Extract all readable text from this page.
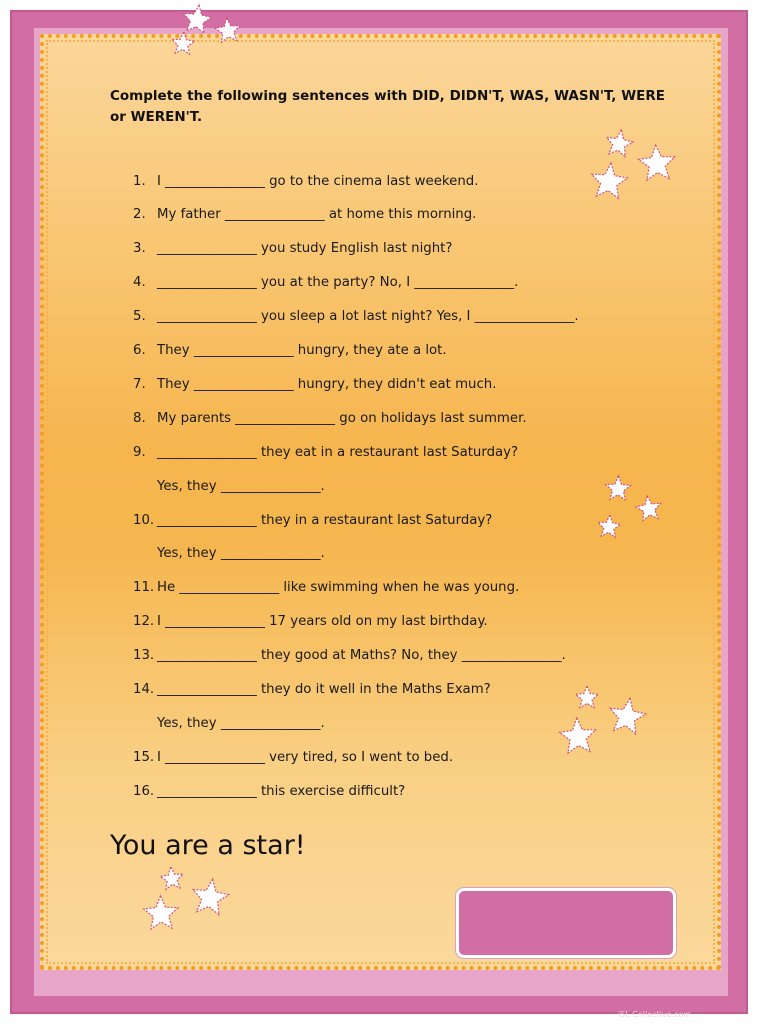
Complete the following sentences with DID, DIDN'T, WAS, WASN'T, WERE or WEREN'T.
1. I _______________ go to the cinema last weekend.
2. My father _______________ at home this morning.
3. _______________ you study English last night?
4. _______________ you at the party? No, I _______________.
5. _______________ you sleep a lot last night? Yes, I _______________.
6. They _______________ hungry, they ate a lot.
7. They _______________ hungry, they didn't eat much.
8. My parents _______________ go on holidays last summer.
9. _______________ they eat in a restaurant last Saturday?
Yes, they _______________.
10. _______________ they in a restaurant last Saturday?
Yes, they _______________.
11. He _______________ like swimming when he was young.
12. I _______________ 17 years old on my last birthday.
13. _______________ they good at Maths? No, they _______________.
14. _______________ they do it well in the Maths Exam?
Yes, they _______________.
15. I _______________ very tired, so I went to bed.
16. _______________ this exercise difficult?
You are a star!
iSL Collective.com
